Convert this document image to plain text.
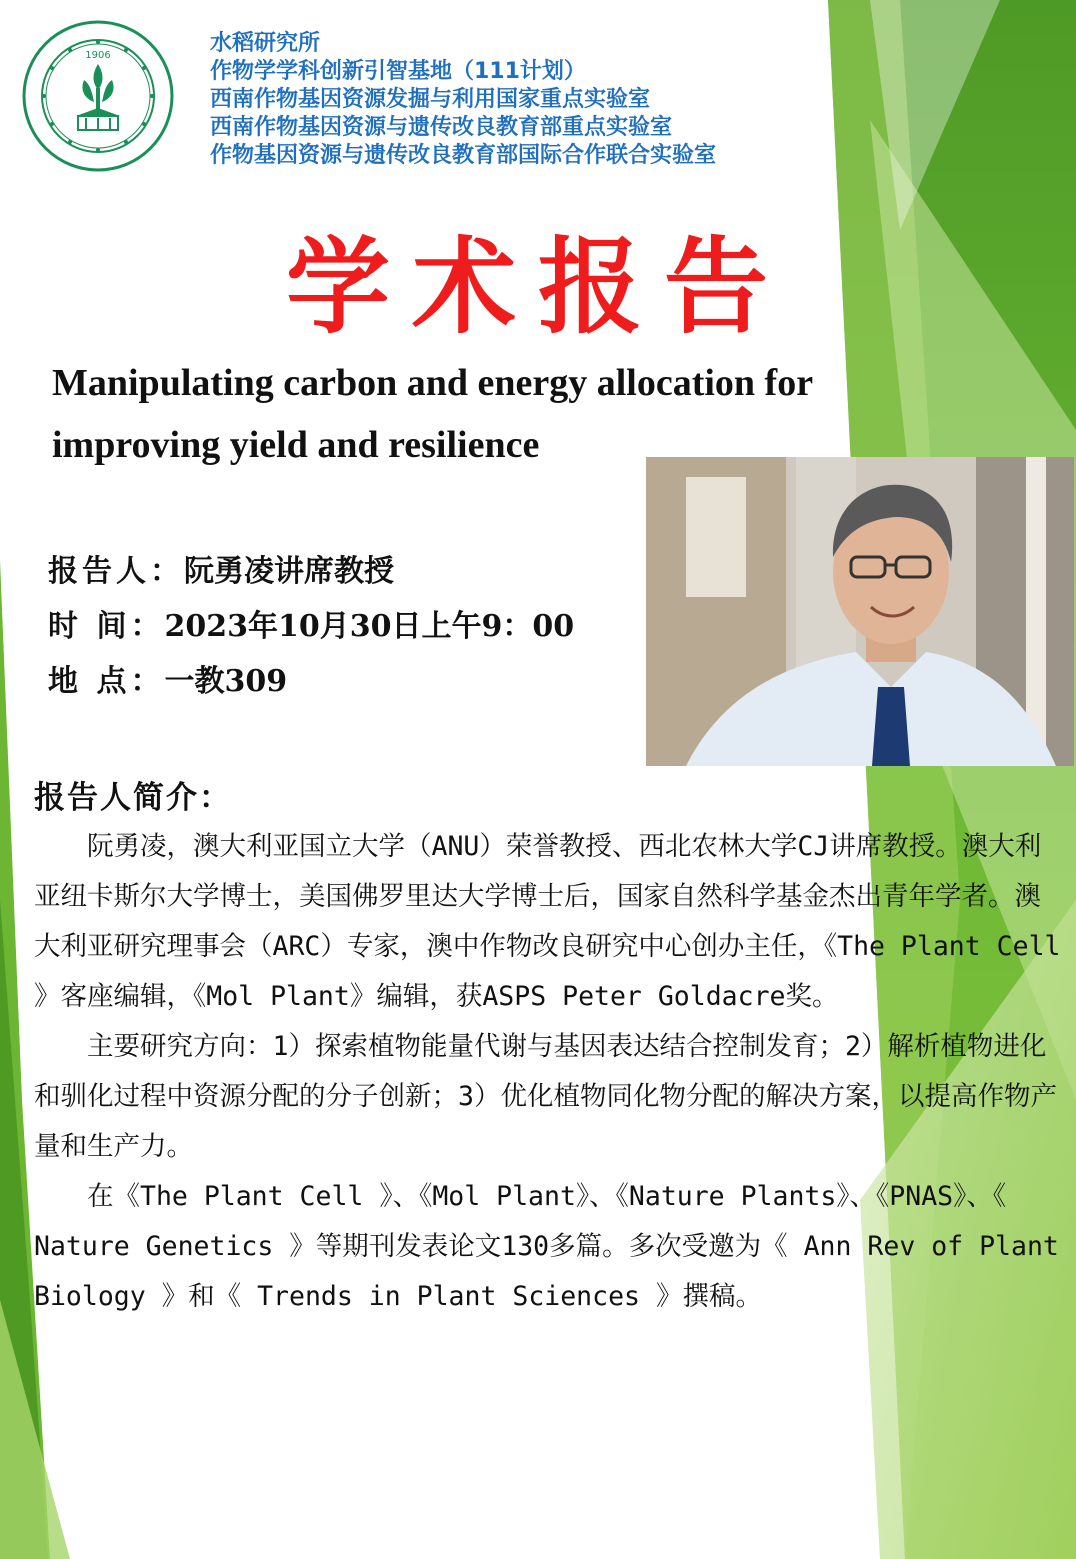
1906	水稻研究所
作物学学科创新引智基地（111计划）
西南作物基因资源发掘与利用国家重点实验室
西南作物基因资源与遗传改良教育部重点实验室
作物基因资源与遗传改良教育部国际合作联合实验室
学术报告
Manipulating carbon and energy allocation for improving yield and resilience
报告人：阮勇凌讲席教授
时 间：2023年10月30日上午9：00
地 点：一教309
报告人简介：

阮勇凌，澳大利亚国立大学（ANU）荣誉教授、西北农林大学CJ讲席教授。澳大利亚纽卡斯尔大学博士，美国佛罗里达大学博士后，国家自然科学基金杰出青年学者。澳大利亚研究理事会（ARC）专家，澳中作物改良研究中心创办主任，《The Plant Cell 》客座编辑，《Mol Plant》编辑，获ASPS Peter Goldacre奖。

主要研究方向：1）探索植物能量代谢与基因表达结合控制发育；2）解析植物进化和驯化过程中资源分配的分子创新；3）优化植物同化物分配的解决方案，以提高作物产量和生产力。

在《The Plant Cell 》、《Mol Plant》、《Nature Plants》、《PNAS》、《 Nature Genetics 》等期刊发表论文130多篇。多次受邀为《 Ann Rev of Plant Biology 》和《 Trends in Plant Sciences 》撰稿。
